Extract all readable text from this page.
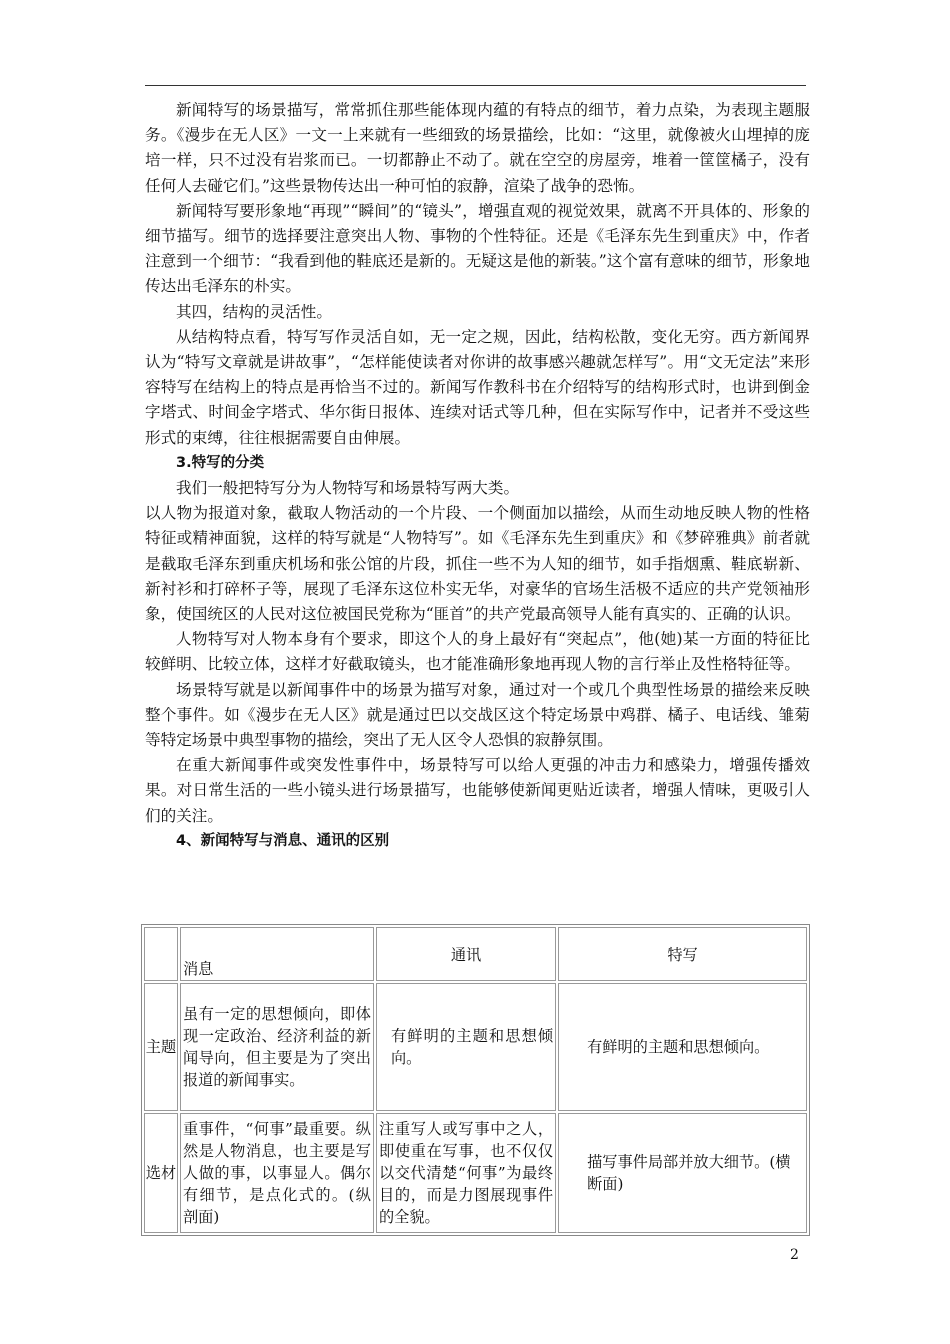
新闻特写的场景描写，常常抓住那些能体现内蕴的有特点的细节，着力点染，为表现主题服务。《漫步在无人区》一文一上来就有一些细致的场景描绘，比如：“这里，就像被火山埋掉的庞培一样，只不过没有岩浆而已。一切都静止不动了。就在空空的房屋旁，堆着一筐筐橘子，没有任何人去碰它们。”这些景物传达出一种可怕的寂静，渲染了战争的恐怖。

新闻特写要形象地“再现”“瞬间”的“镜头”，增强直观的视觉效果，就离不开具体的、形象的细节描写。细节的选择要注意突出人物、事物的个性特征。还是《毛泽东先生到重庆》中，作者注意到一个细节：“我看到他的鞋底还是新的。无疑这是他的新装。”这个富有意味的细节，形象地传达出毛泽东的朴实。

其四，结构的灵活性。

从结构特点看，特写写作灵活自如，无一定之规，因此，结构松散，变化无穷。西方新闻界认为“特写文章就是讲故事”，“怎样能使读者对你讲的故事感兴趣就怎样写”。用“文无定法”来形容特写在结构上的特点是再恰当不过的。新闻写作教科书在介绍特写的结构形式时，也讲到倒金字塔式、时间金字塔式、华尔街日报体、连续对话式等几种，但在实际写作中，记者并不受这些形式的束缚，往往根据需要自由伸展。

3.特写的分类

我们一般把特写分为人物特写和场景特写两大类。

以人物为报道对象，截取人物活动的一个片段、一个侧面加以描绘，从而生动地反映人物的性格特征或精神面貌，这样的特写就是“人物特写”。如《毛泽东先生到重庆》和《梦碎雅典》前者就是截取毛泽东到重庆机场和张公馆的片段，抓住一些不为人知的细节，如手指烟熏、鞋底崭新、新衬衫和打碎杯子等，展现了毛泽东这位朴实无华，对豪华的官场生活极不适应的共产党领袖形象，使国统区的人民对这位被国民党称为“匪首”的共产党最高领导人能有真实的、正确的认识。

人物特写对人物本身有个要求，即这个人的身上最好有“突起点”，他(她)某一方面的特征比较鲜明、比较立体，这样才好截取镜头，也才能准确形象地再现人物的言行举止及性格特征等。

场景特写就是以新闻事件中的场景为描写对象，通过对一个或几个典型性场景的描绘来反映整个事件。如《漫步在无人区》就是通过巴以交战区这个特定场景中鸡群、橘子、电话线、雏菊等特定场景中典型事物的描绘，突出了无人区令人恐惧的寂静氛围。

在重大新闻事件或突发性事件中，场景特写可以给人更强的冲击力和感染力，增强传播效果。对日常生活的一些小镜头进行场景描写，也能够使新闻更贴近读者，增强人情味，更吸引人们的关注。

4、新闻特写与消息、通讯的区别

	消息	通讯	特写
主题	虽有一定的思想倾向，即体现一定政治、经济利益的新闻导向，但主要是为了突出报道的新闻事实。	有鲜明的主题和思想倾向。	有鲜明的主题和思想倾向。
选材	重事件，“何事”最重要。纵然是人物消息，也主要是写人做的事，以事显人。偶尔有细节，是点化式的。(纵剖面)	注重写人或写事中之人，即使重在写事，也不仅仅以交代清楚“何事”为最终目的，而是力图展现事件的全貌。	描写事件局部并放大细节。(横断面)
2
